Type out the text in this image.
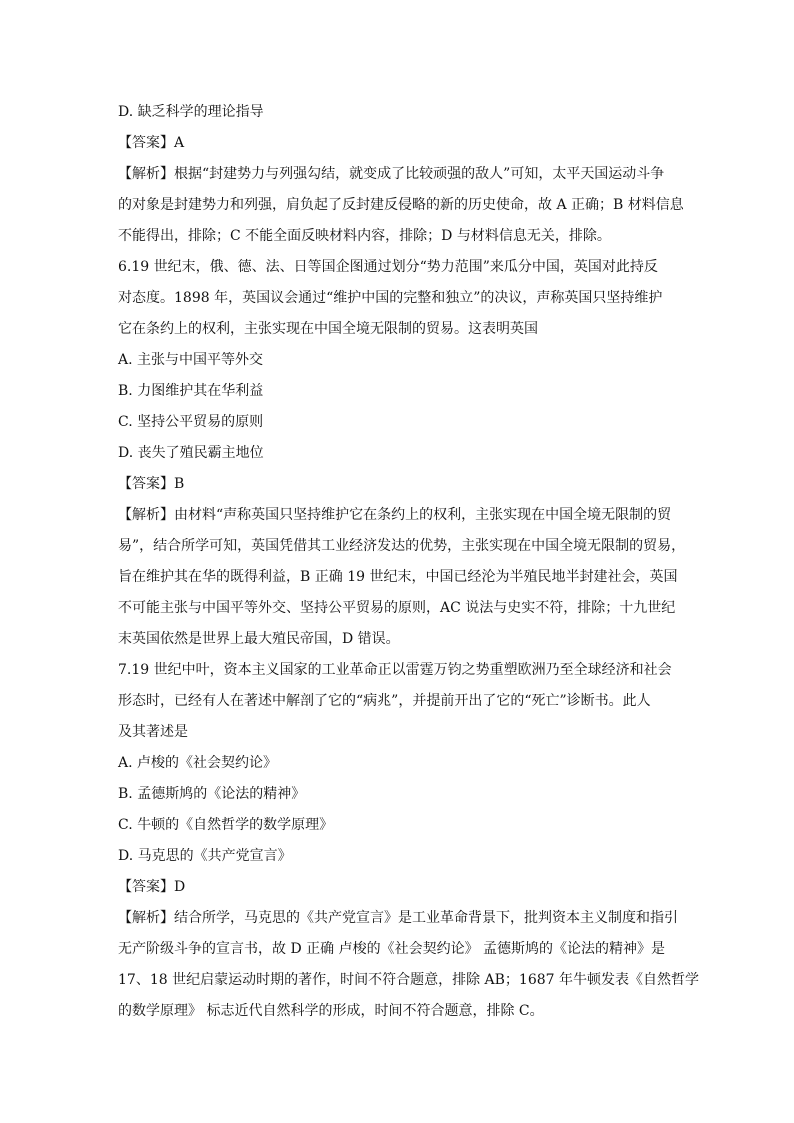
D. 缺乏科学的理论指导
【答案】A
【解析】根据“封建势力与列强勾结，就变成了比较顽强的敌人”可知，太平天国运动斗争
的对象是封建势力和列强，肩负起了反封建反侵略的新的历史使命，故 A 正确；B 材料信息
不能得出，排除；C 不能全面反映材料内容，排除；D 与材料信息无关，排除。
6.19 世纪末，俄、德、法、日等国企图通过划分“势力范围”来瓜分中国，英国对此持反
对态度。1898 年，英国议会通过“维护中国的完整和独立”的决议，声称英国只坚持维护
它在条约上的权利，主张实现在中国全境无限制的贸易。这表明英国
A. 主张与中国平等外交
B. 力图维护其在华利益
C. 坚持公平贸易的原则
D. 丧失了殖民霸主地位
【答案】B
【解析】由材料“声称英国只坚持维护它在条约上的权利，主张实现在中国全境无限制的贸
易”，结合所学可知，英国凭借其工业经济发达的优势，主张实现在中国全境无限制的贸易，
旨在维护其在华的既得利益，B 正确 19 世纪末，中国已经沦为半殖民地半封建社会，英国
不可能主张与中国平等外交、坚持公平贸易的原则，AC 说法与史实不符，排除；十九世纪
末英国依然是世界上最大殖民帝国，D 错误。
7.19 世纪中叶，资本主义国家的工业革命正以雷霆万钧之势重塑欧洲乃至全球经济和社会
形态时，已经有人在著述中解剖了它的“病兆”，并提前开出了它的“死亡”诊断书。此人
及其著述是
A. 卢梭的《社会契约论》
B. 孟德斯鸠的《论法的精神》
C. 牛顿的《自然哲学的数学原理》
D. 马克思的《共产党宣言》
【答案】D
【解析】结合所学，马克思的《共产党宣言》是工业革命背景下，批判资本主义制度和指引
无产阶级斗争的宣言书，故 D 正确 卢梭的《社会契约论》 孟德斯鸠的《论法的精神》是
17、18 世纪启蒙运动时期的著作，时间不符合题意，排除 AB；1687 年牛顿发表《自然哲学
的数学原理》 标志近代自然科学的形成，时间不符合题意，排除 C。
